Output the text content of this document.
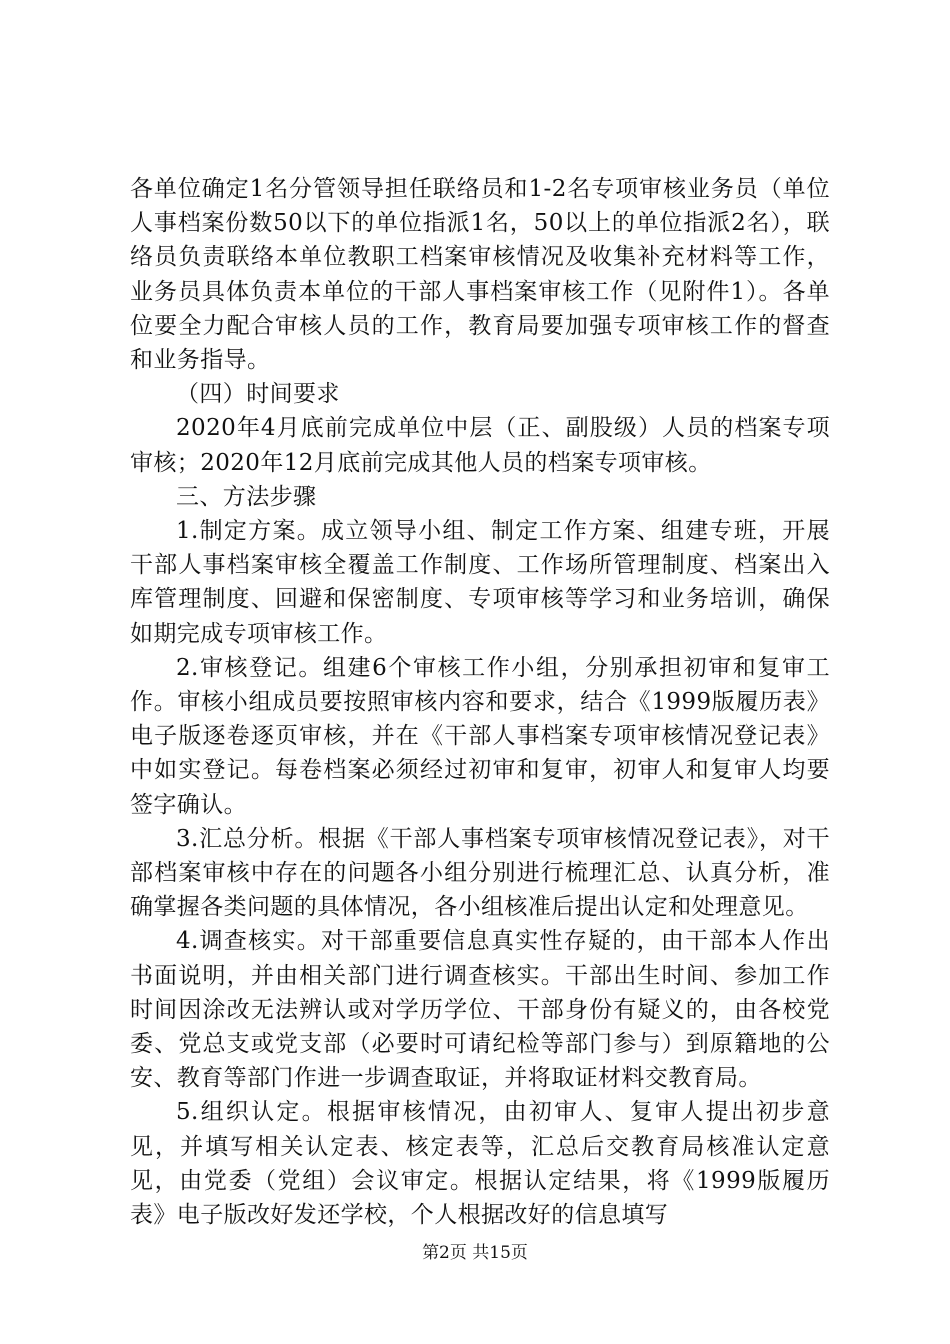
各单位确定1名分管领导担任联络员和1-2名专项审核业务员（单位人事档案份数50以下的单位指派1名，50以上的单位指派2名），联络员负责联络本单位教职工档案审核情况及收集补充材料等工作，业务员具体负责本单位的干部人事档案审核工作（见附件1）。各单位要全力配合审核人员的工作，教育局要加强专项审核工作的督查和业务指导。

（四）时间要求

2020年4月底前完成单位中层（正、副股级）人员的档案专项审核；2020年12月底前完成其他人员的档案专项审核。

三、方法步骤

1.制定方案。成立领导小组、制定工作方案、组建专班，开展干部人事档案审核全覆盖工作制度、工作场所管理制度、档案出入库管理制度、回避和保密制度、专项审核等学习和业务培训，确保如期完成专项审核工作。

2.审核登记。组建6个审核工作小组，分别承担初审和复审工作。审核小组成员要按照审核内容和要求，结合《1999版履历表》电子版逐卷逐页审核，并在《干部人事档案专项审核情况登记表》中如实登记。每卷档案必须经过初审和复审，初审人和复审人均要签字确认。

3.汇总分析。根据《干部人事档案专项审核情况登记表》，对干部档案审核中存在的问题各小组分别进行梳理汇总、认真分析，准确掌握各类问题的具体情况，各小组核准后提出认定和处理意见。

4.调查核实。对干部重要信息真实性存疑的，由干部本人作出书面说明，并由相关部门进行调查核实。干部出生时间、参加工作时间因涂改无法辨认或对学历学位、干部身份有疑义的，由各校党委、党总支或党支部（必要时可请纪检等部门参与）到原籍地的公安、教育等部门作进一步调查取证，并将取证材料交教育局。

5.组织认定。根据审核情况，由初审人、复审人提出初步意见，并填写相关认定表、核定表等，汇总后交教育局核准认定意见，由党委（党组）会议审定。根据认定结果，将《1999版履历表》电子版改好发还学校，个人根据改好的信息填写

第2页 共15页
